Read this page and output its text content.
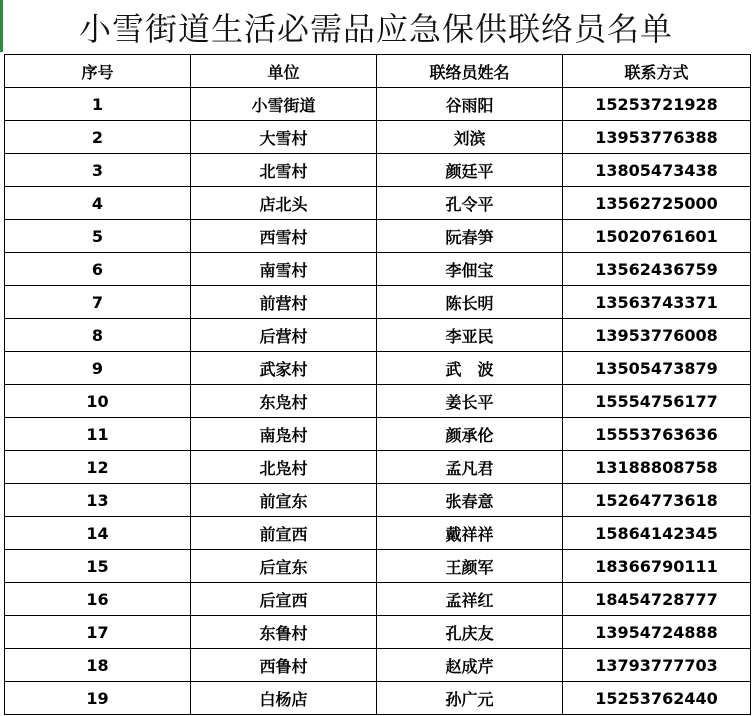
小雪街道生活必需品应急保供联络员名单
序号	单位	联络员姓名	联系方式
1	小雪街道	谷雨阳	15253721928
2	大雪村	刘滨	13953776388
3	北雪村	颜廷平	13805473438
4	店北头	孔令平	13562725000
5	西雪村	阮春笋	15020761601
6	南雪村	李佃宝	13562436759
7	前营村	陈长明	13563743371
8	后营村	李亚民	13953776008
9	武家村	武　波	13505473879
10	东凫村	姜长平	15554756177
11	南凫村	颜承伦	15553763636
12	北凫村	孟凡君	13188808758
13	前宣东	张春意	15264773618
14	前宣西	戴祥祥	15864142345
15	后宣东	王颜军	18366790111
16	后宣西	孟祥红	18454728777
17	东鲁村	孔庆友	13954724888
18	西鲁村	赵成芹	13793777703
19	白杨店	孙广元	15253762440
